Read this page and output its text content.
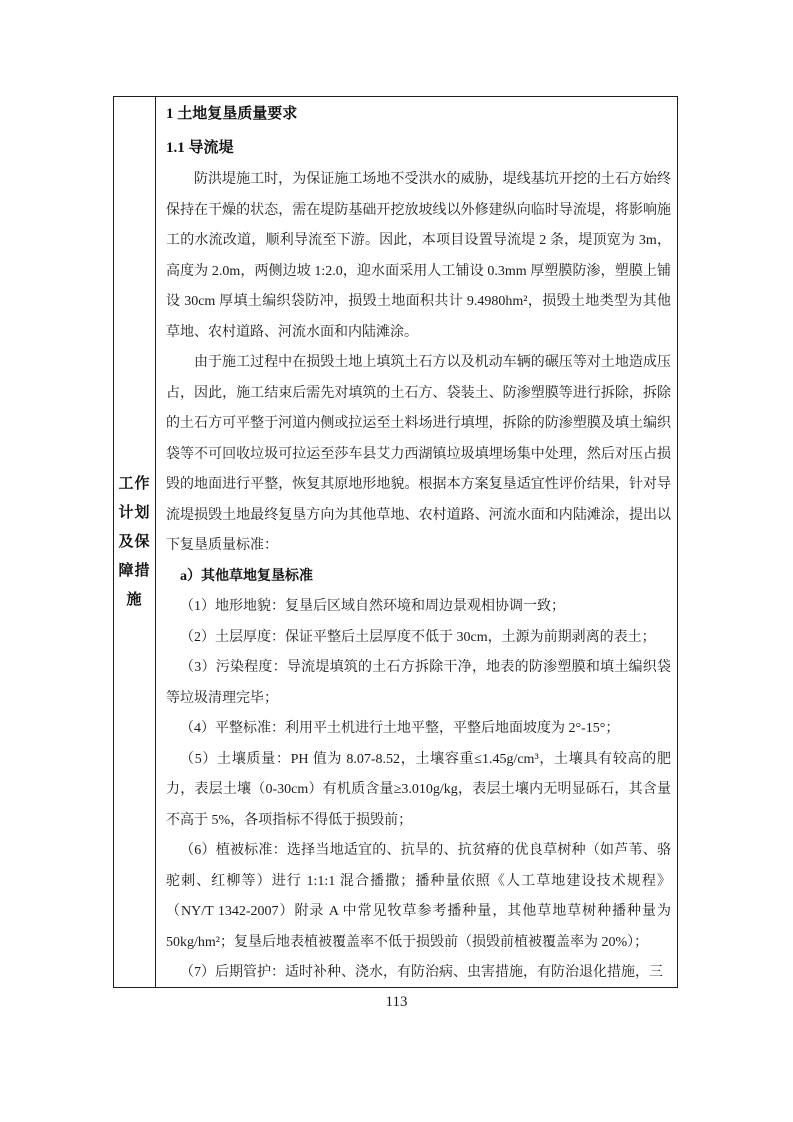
工作计划及保障措施
1 土地复垦质量要求
1.1 导流堤
防洪堤施工时，为保证施工场地不受洪水的威胁，堤线基坑开挖的土石方始终保持在干燥的状态，需在堤防基础开挖放坡线以外修建纵向临时导流堤，将影响施工的水流改道，顺利导流至下游。因此，本项目设置导流堤 2 条，堤顶宽为 3m，高度为 2.0m，两侧边坡 1:2.0，迎水面采用人工铺设 0.3mm 厚塑膜防渗，塑膜上铺设 30cm 厚填土编织袋防冲，损毁土地面积共计 9.4980hm²，损毁土地类型为其他草地、农村道路、河流水面和内陆滩涂。
由于施工过程中在损毁土地上填筑土石方以及机动车辆的碾压等对土地造成压占，因此，施工结束后需先对填筑的土石方、袋装土、防渗塑膜等进行拆除，拆除的土石方可平整于河道内侧或拉运至土料场进行填埋，拆除的防渗塑膜及填土编织袋等不可回收垃圾可拉运至莎车县艾力西湖镇垃圾填埋场集中处理，然后对压占损毁的地面进行平整，恢复其原地形地貌。根据本方案复垦适宜性评价结果，针对导流堤损毁土地最终复垦方向为其他草地、农村道路、河流水面和内陆滩涂，提出以下复垦质量标准：
a）其他草地复垦标准
（1）地形地貌：复垦后区域自然环境和周边景观相协调一致；
（2）土层厚度：保证平整后土层厚度不低于 30cm，土源为前期剥离的表土；
（3）污染程度：导流堤填筑的土石方拆除干净，地表的防渗塑膜和填土编织袋等垃圾清理完毕；
（4）平整标准：利用平土机进行土地平整，平整后地面坡度为 2°-15°；
（5）土壤质量：PH 值为 8.07-8.52，土壤容重≤1.45g/cm³，土壤具有较高的肥力，表层土壤（0-30cm）有机质含量≥3.010g/kg，表层土壤内无明显砾石，其含量不高于 5%，各项指标不得低于损毁前；
（6）植被标准：选择当地适宜的、抗旱的、抗贫瘠的优良草树种（如芦苇、骆驼刺、红柳等）进行 1:1:1 混合播撒；播种量依照《人工草地建设技术规程》（NY/T 1342-2007）附录 A 中常见牧草参考播种量，其他草地草树种播种量为 50kg/hm²；复垦后地表植被覆盖率不低于损毁前（损毁前植被覆盖率为 20%）；
（7）后期管护：适时补种、浇水，有防治病、虫害措施，有防治退化措施，三
113
